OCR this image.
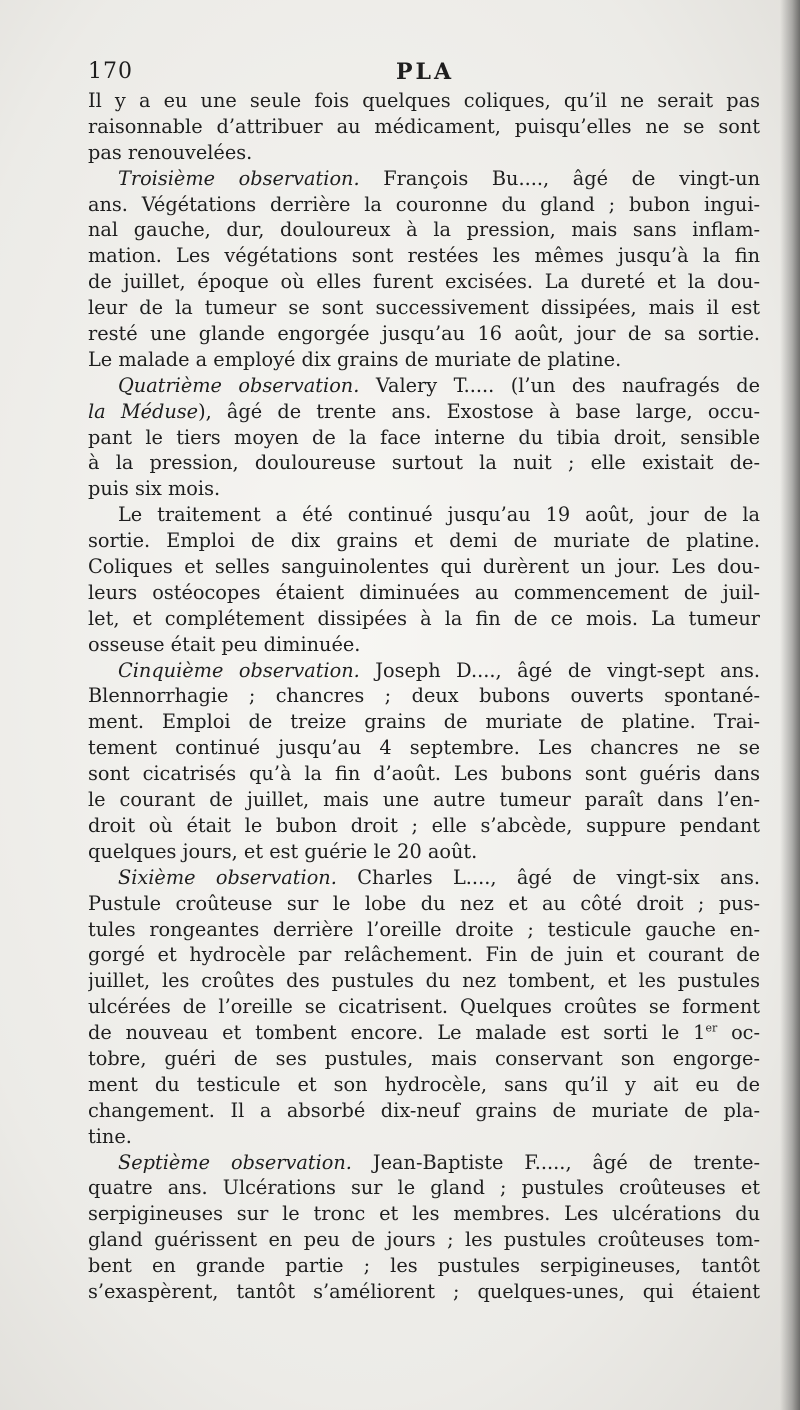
170	PLA
Il y a eu une seule fois quelques coliques, qu’il ne serait pas
raisonnable d’attribuer au médicament, puisqu’elles ne se sont
pas renouvelées.
Troisième observation. François Bu...., âgé de vingt-un
ans. Végétations derrière la couronne du gland ; bubon ingui-
nal gauche, dur, douloureux à la pression, mais sans inflam-
mation. Les végétations sont restées les mêmes jusqu’à la fin
de juillet, époque où elles furent excisées. La dureté et la dou-
leur de la tumeur se sont successivement dissipées, mais il est
resté une glande engorgée jusqu’au 16 août, jour de sa sortie.
Le malade a employé dix grains de muriate de platine.
Quatrième observation. Valery T..... (l’un des naufragés de
la Méduse), âgé de trente ans. Exostose à base large, occu-
pant le tiers moyen de la face interne du tibia droit, sensible
à la pression, douloureuse surtout la nuit ; elle existait de-
puis six mois.
Le traitement a été continué jusqu’au 19 août, jour de la
sortie. Emploi de dix grains et demi de muriate de platine.
Coliques et selles sanguinolentes qui durèrent un jour. Les dou-
leurs ostéocopes étaient diminuées au commencement de juil-
let, et complétement dissipées à la fin de ce mois. La tumeur
osseuse était peu diminuée.
Cinquième observation. Joseph D...., âgé de vingt-sept ans.
Blennorrhagie ; chancres ; deux bubons ouverts spontané-
ment. Emploi de treize grains de muriate de platine. Trai-
tement continué jusqu’au 4 septembre. Les chancres ne se
sont cicatrisés qu’à la fin d’août. Les bubons sont guéris dans
le courant de juillet, mais une autre tumeur paraît dans l’en-
droit où était le bubon droit ; elle s’abcède, suppure pendant
quelques jours, et est guérie le 20 août.
Sixième observation. Charles L...., âgé de vingt-six ans.
Pustule croûteuse sur le lobe du nez et au côté droit ; pus-
tules rongeantes derrière l’oreille droite ; testicule gauche en-
gorgé et hydrocèle par relâchement. Fin de juin et courant de
juillet, les croûtes des pustules du nez tombent, et les pustules
ulcérées de l’oreille se cicatrisent. Quelques croûtes se forment
de nouveau et tombent encore. Le malade est sorti le 1er oc-
tobre, guéri de ses pustules, mais conservant son engorge-
ment du testicule et son hydrocèle, sans qu’il y ait eu de
changement. Il a absorbé dix-neuf grains de muriate de pla-
tine.
Septième observation. Jean-Baptiste F....., âgé de trente-
quatre ans. Ulcérations sur le gland ; pustules croûteuses et
serpigineuses sur le tronc et les membres. Les ulcérations du
gland guérissent en peu de jours ; les pustules croûteuses tom-
bent en grande partie ; les pustules serpigineuses, tantôt
s’exaspèrent, tantôt s’améliorent ; quelques-unes, qui étaient
